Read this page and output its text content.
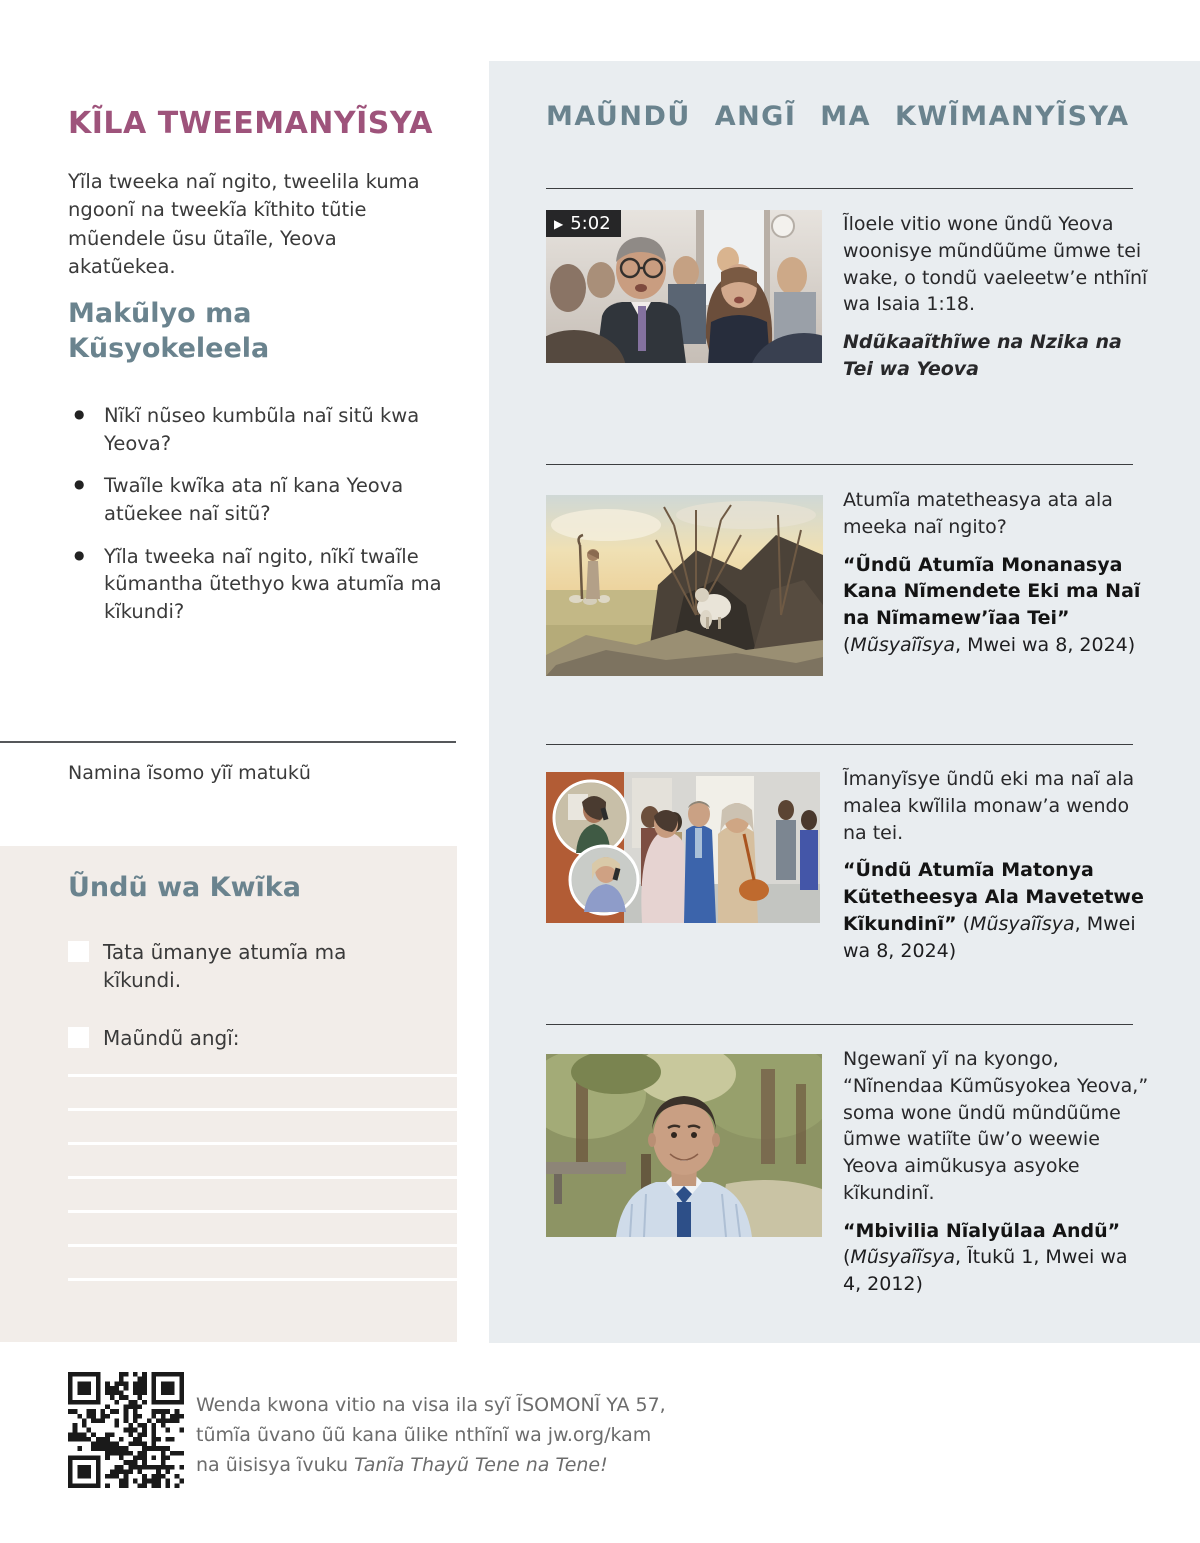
KĨLA TWEEMANYĨSYA

Yĩla tweeka naĩ ngito, tweelila kuma ngoonĩ na tweekĩa kĩthito tũtie mũendele ũsu ũtaĩle, Yeova akatũekea.

Makũlyo ma Kũsyokeleela
● Nĩkĩ nũseo kumbũla naĩ sitũ kwa Yeova?
● Twaĩle kwĩka ata nĩ kana Yeova atũekee naĩ sitũ?
● Yĩla tweeka naĩ ngito, nĩkĩ twaĩle kũmantha ũtethyo kwa atumĩa ma kĩkundi?

Namina ĩsomo yĩĩ matukũ

Ũndũ wa Kwĩka
Tata ũmanye atumĩa ma kĩkundi.
Maũndũ angĩ:
MAŨNDŨ ANGĨ MA KWĨMANYĨSYA
▶ 5:02	Ĩloele vitio wone ũndũ Yeova woonisye mũndũũme ũmwe tei wake, o tondũ vaeleetw’e nthĩnĩ wa Isaia 1:18.

Ndũkaaĩthĩwe na Nzika na Tei wa Yeova

Atumĩa matetheasya ata ala meeka naĩ ngito?

“Ũndũ Atumĩa Monanasya Kana Nĩmendete Eki ma Naĩ na Nĩmamew’ĩaa Tei” (Mũsyaĩĩsya, Mwei wa 8, 2024)

Ĩmanyĩsye ũndũ eki ma naĩ ala malea kwĩlila monaw’a wendo na tei.

“Ũndũ Atumĩa Matonya Kũtetheesya Ala Mavetetwe Kĩkundinĩ” (Mũsyaĩĩsya, Mwei wa 8, 2024)

Ngewanĩ yĩ na kyongo, “Nĩnendaa Kũmũsyokea Yeova,” soma wone ũndũ mũndũũme ũmwe watiĩte ũw’o weewie Yeova aimũkusya asyoke kĩkundinĩ.

“Mbivilia Nĩalyũlaa Andũ” (Mũsyaĩĩsya, Ĩtukũ 1, Mwei wa 4, 2012)

Wenda kwona vitio na visa ila syĩ ĨSOMONĨ YA 57, tũmĩa ũvano ũũ kana ũlike nthĩnĩ wa jw.org/kam na ũisisya ĩvuku Tanĩa Thayũ Tene na Tene!
